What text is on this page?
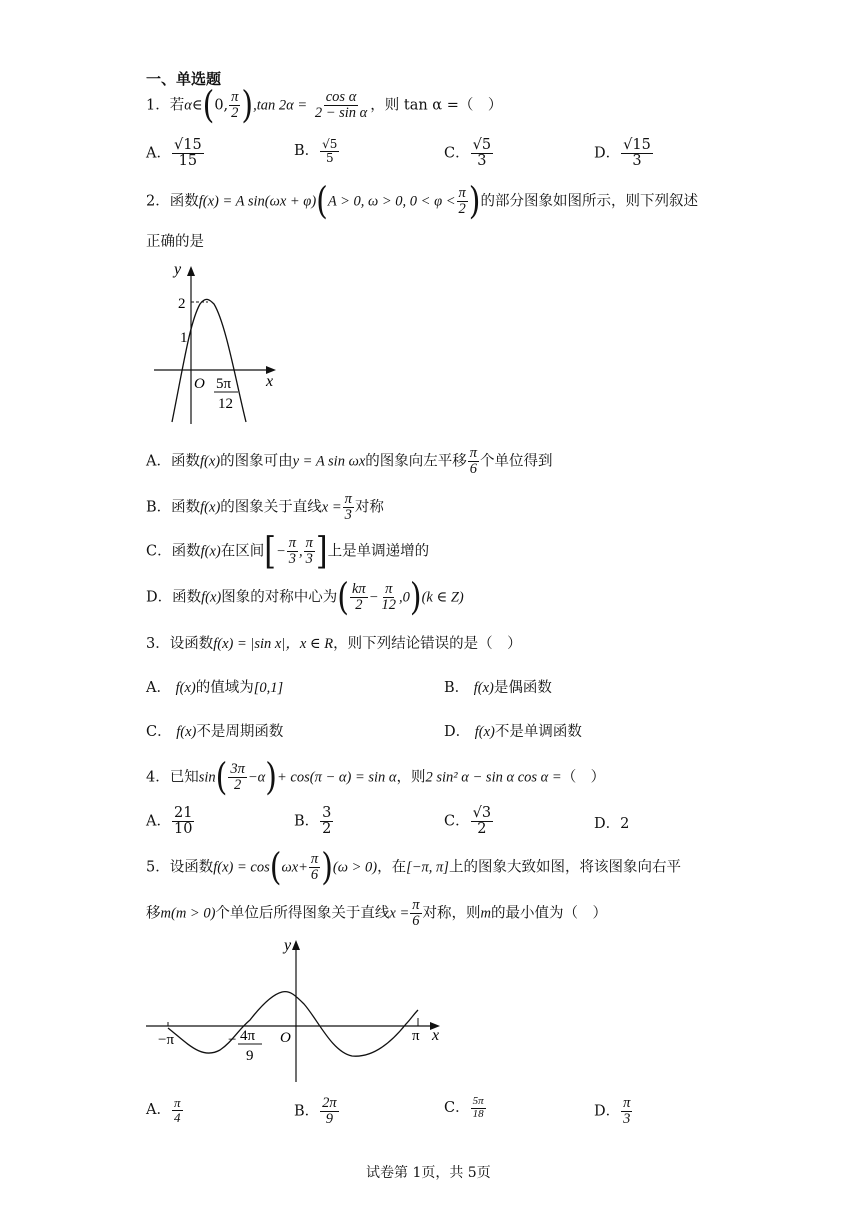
一、单选题
1．若α∈(0, $\frac{\pi}{2} ),\tan$ $2\alpha = \frac{\text{cos α}}{\text{2 − sin α}}$ ，则 tan α =（　）
A． $\frac{√15}{15}$	B． $\frac{√5}{5}$	C． $\frac{√5}{3}$	D． $\frac{√15}{3}$
2．函数f(x) = A sin(ωx + φ)(A > 0, ω > 0, $0 < \varphi < \frac{\pi}{2}$ )的部分图象如图所示，则下列叙述
正确的是
y
x
2
1
O 5π
12
A．函数f(x)的图象可由y = A sin ωx的图象向左平移 $\frac{\pi}{6}$ 个单位得到
B．函数f(x)的图象关于直线$x = \frac{\pi}{3}$ 对称
C．函数f(x)在区间[− $\frac{\pi}{3}$ , $\frac{\pi}{3}$ ]上是单调递增的
D．函数f(x)图象的对称中心为( $\frac{k\pi}{2} - \frac{\pi}{12} ,0)(k$ ∈ Z)
3．设函数f(x) = |sin x|，x ∈ R，则下列结论错误的是（　）
A． f(x)的值域为[0,1]	B． f(x)是偶函数
C． f(x)不是周期函数	D． f(x)不是单调函数
4．已知$\sin( \frac{3\pi}{2} -\alpha)+ \cos(\pi - \alpha) = \sin \alpha$，则2 sin² α − sin α cos α =（　）
A． $\frac{21}{10}$	B． $\frac{3}{2}$	C． $\frac{√3}{2}$	D．2
5．设函数$f(x) = \cos(\omega x+ \frac{\pi}{6} )(\omega > 0)$，在[−π, π]上的图象大致如图，将该图象向右平
移m(m > 0)个单位后所得图象关于直线$x = \frac{\pi}{6}$ 对称，则m的最小值为（　）
y
x
−π	π
O
− 4π
9
A． $\frac{\pi}{4}$	B． $\frac{2\pi}{9}$	C． $\frac{5\pi}{18}$	D． $\frac{\pi}{3}$
试卷第 1页，共 5页
